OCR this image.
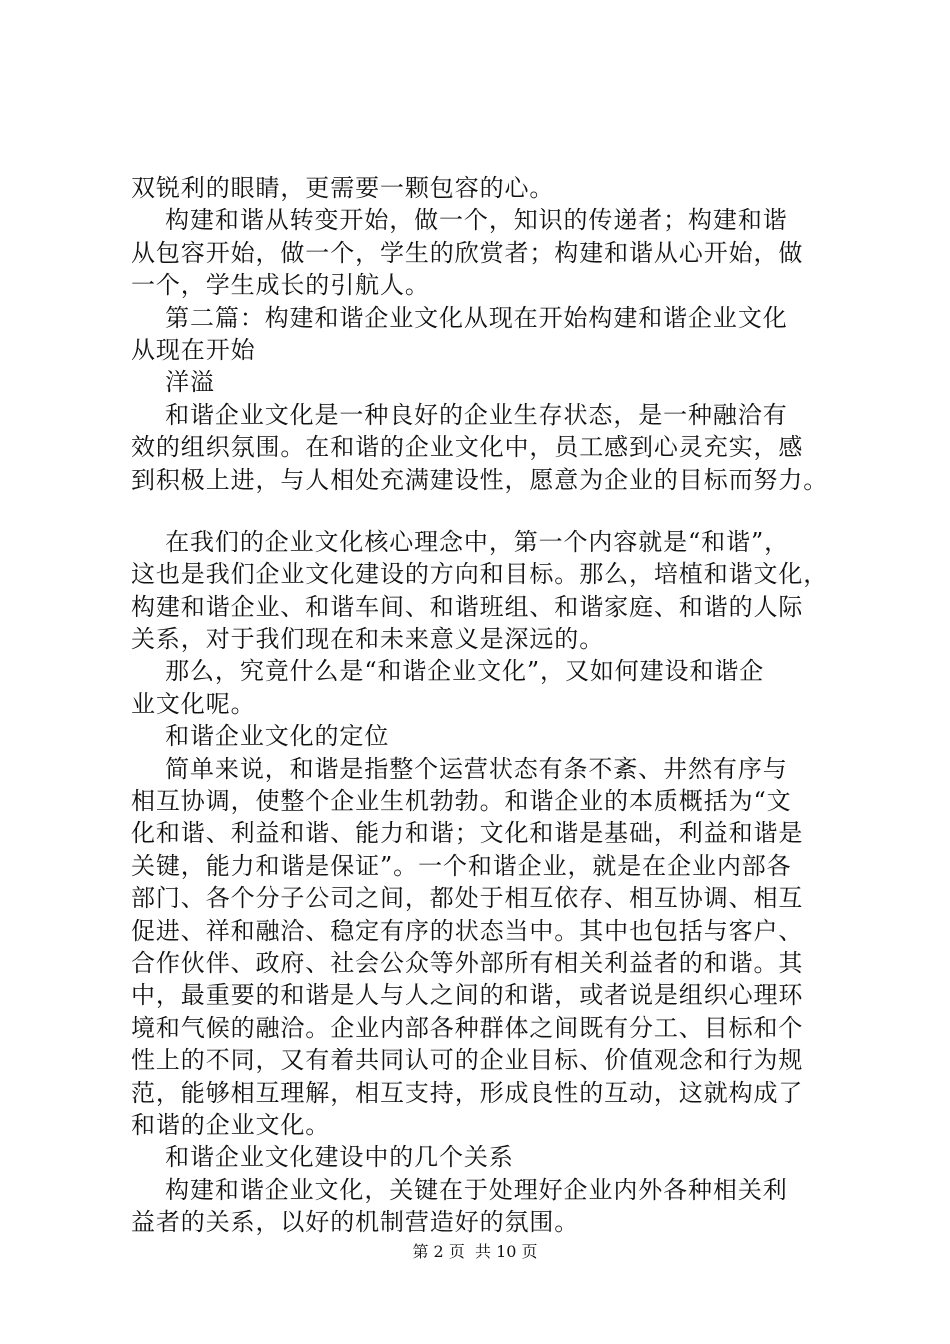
双锐利的眼睛，更需要一颗包容的心。
构建和谐从转变开始，做一个，知识的传递者；构建和谐
从包容开始，做一个，学生的欣赏者；构建和谐从心开始，做
一个，学生成长的引航人。
第二篇：构建和谐企业文化从现在开始构建和谐企业文化
从现在开始
洋溢
和谐企业文化是一种良好的企业生存状态，是一种融洽有
效的组织氛围。在和谐的企业文化中，员工感到心灵充实，感
到积极上进，与人相处充满建设性，愿意为企业的目标而努力。
在我们的企业文化核心理念中，第一个内容就是“和谐”，
这也是我们企业文化建设的方向和目标。那么，培植和谐文化，
构建和谐企业、和谐车间、和谐班组、和谐家庭、和谐的人际
关系，对于我们现在和未来意义是深远的。
那么，究竟什么是“和谐企业文化”，又如何建设和谐企
业文化呢。
和谐企业文化的定位
简单来说，和谐是指整个运营状态有条不紊、井然有序与
相互协调，使整个企业生机勃勃。和谐企业的本质概括为“文
化和谐、利益和谐、能力和谐；文化和谐是基础，利益和谐是
关键，能力和谐是保证”。一个和谐企业，就是在企业内部各
部门、各个分子公司之间，都处于相互依存、相互协调、相互
促进、祥和融洽、稳定有序的状态当中。其中也包括与客户、
合作伙伴、政府、社会公众等外部所有相关利益者的和谐。其
中，最重要的和谐是人与人之间的和谐，或者说是组织心理环
境和气候的融洽。企业内部各种群体之间既有分工、目标和个
性上的不同，又有着共同认可的企业目标、价值观念和行为规
范，能够相互理解，相互支持，形成良性的互动，这就构成了
和谐的企业文化。
和谐企业文化建设中的几个关系
构建和谐企业文化，关键在于处理好企业内外各种相关利
益者的关系，以好的机制营造好的氛围。
第 2 页  共 10 页
